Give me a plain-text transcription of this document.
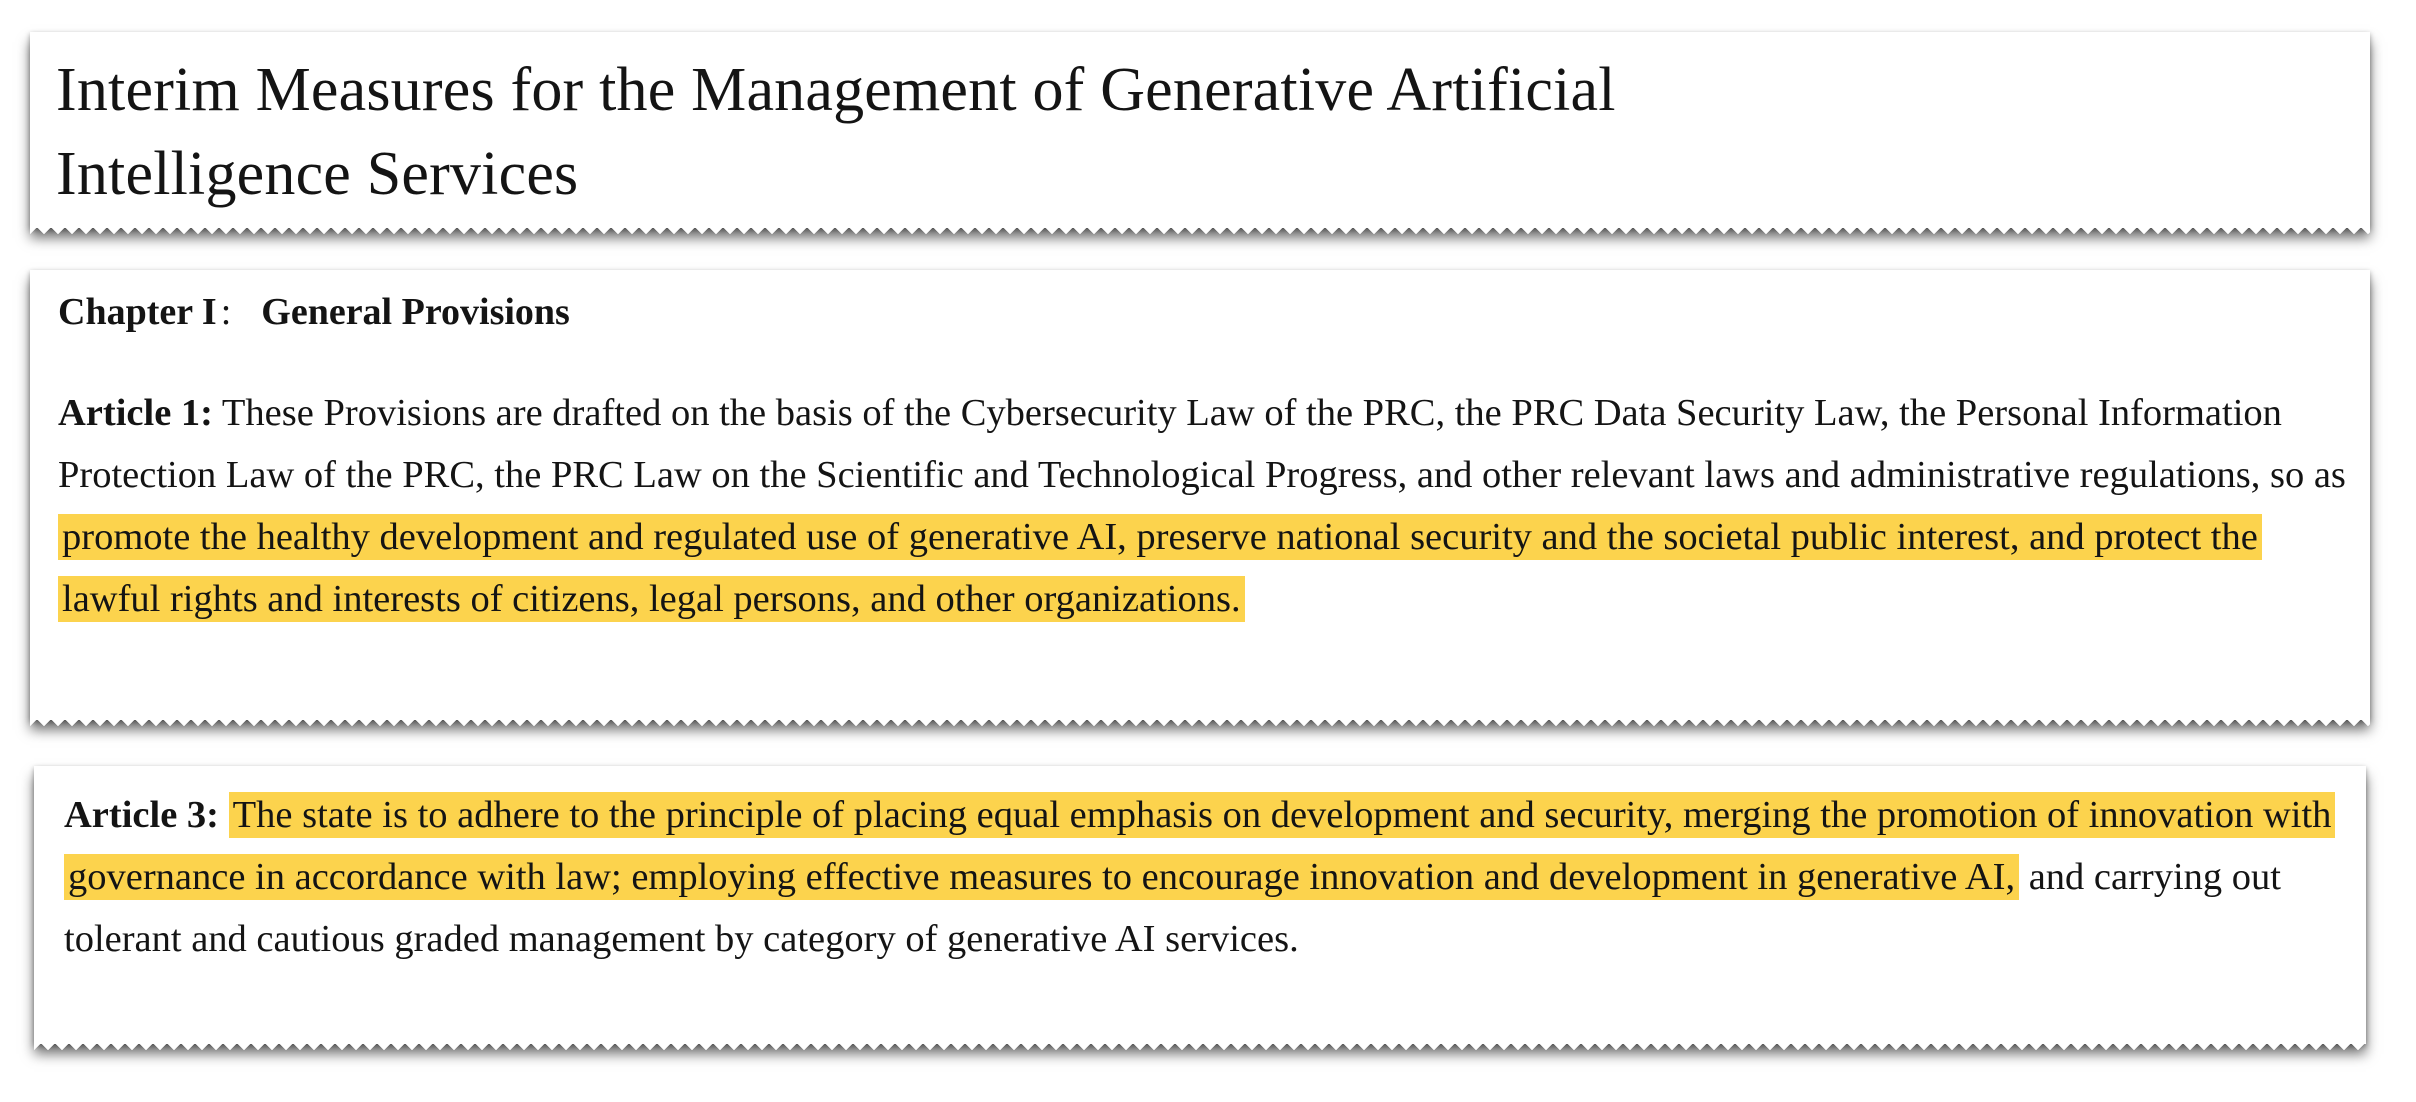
Interim Measures for the Management of Generative Artificial
Intelligence Services

Chapter I : General Provisions

Article 1: These Provisions are drafted on the basis of the Cybersecurity Law of the PRC, the PRC Data Security Law, the Personal Information Protection Law of the PRC, the PRC Law on the Scientific and Technological Progress, and other relevant laws and administrative regulations, so as promote the healthy development and regulated use of generative AI, preserve national security and the societal public interest, and protect the lawful rights and interests of citizens, legal persons, and other organizations.

Article 3: The state is to adhere to the principle of placing equal emphasis on development and security, merging the promotion of innovation with governance in accordance with law; employing effective measures to encourage innovation and development in generative AI, and carrying out tolerant and cautious graded management by category of generative AI services.
